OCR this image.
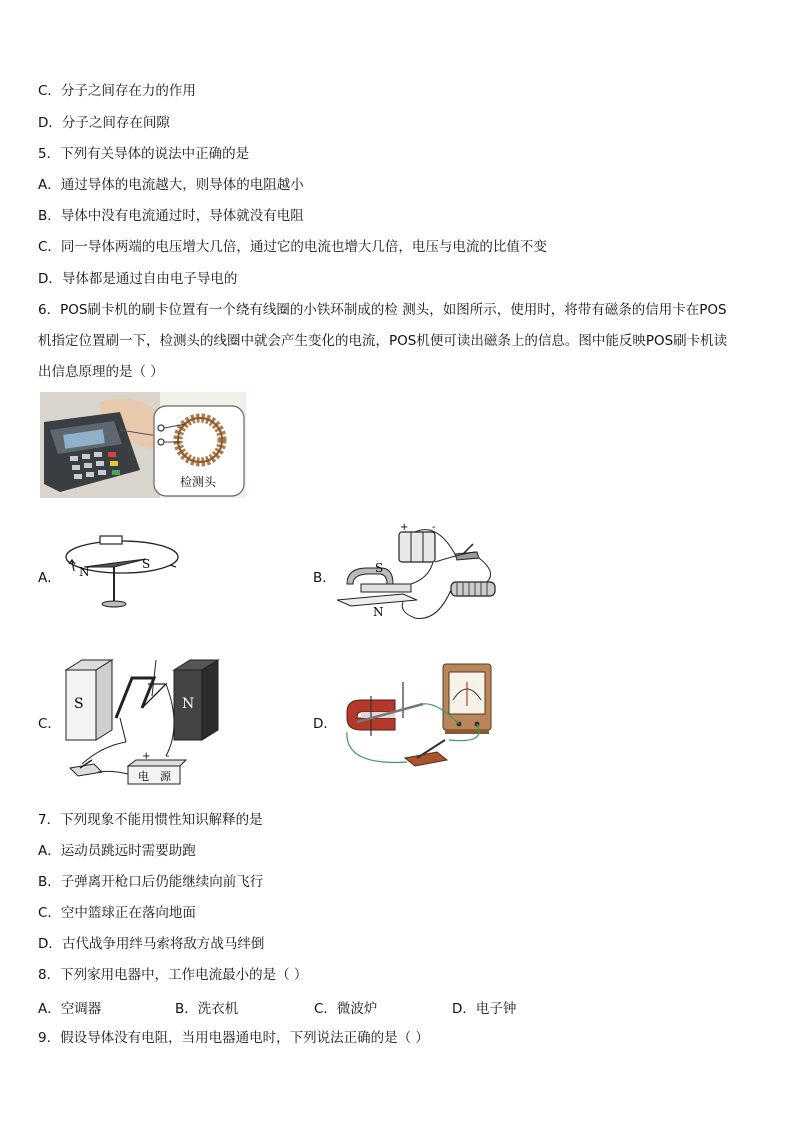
C．分子之间存在力的作用
D．分子之间存在间隙
5．下列有关导体的说法中正确的是
A．通过导体的电流越大，则导体的电阻越小
B．导体中没有电流通过时，导体就没有电阻
C．同一导体两端的电压增大几倍，通过它的电流也增大几倍，电压与电流的比值不变
D．导体都是通过自由电子导电的
6．POS刷卡机的刷卡位置有一个绕有线圈的小铁环制成的检 测头，如图所示，使用时，将带有磁条的信用卡在POS
机指定位置刷一下，检测头的线圈中就会产生变化的电流，POS机便可读出磁条上的信息。图中能反映POS刷卡机读
出信息原理的是（ ）
检测头
A． N
S
B．
+ -
S
N
C．
S	N
+ -
电　源
D．
7．下列现象不能用惯性知识解释的是
A．运动员跳远时需要助跑
B．子弹离开枪口后仍能继续向前飞行
C．空中篮球正在落向地面
D．古代战争用绊马索将敌方战马绊倒
8．下列家用电器中，工作电流最小的是（ ）
A．空调器	B．洗衣机	C．微波炉	D．电子钟
9．假设导体没有电阻，当用电器通电时，下列说法正确的是（ ）
